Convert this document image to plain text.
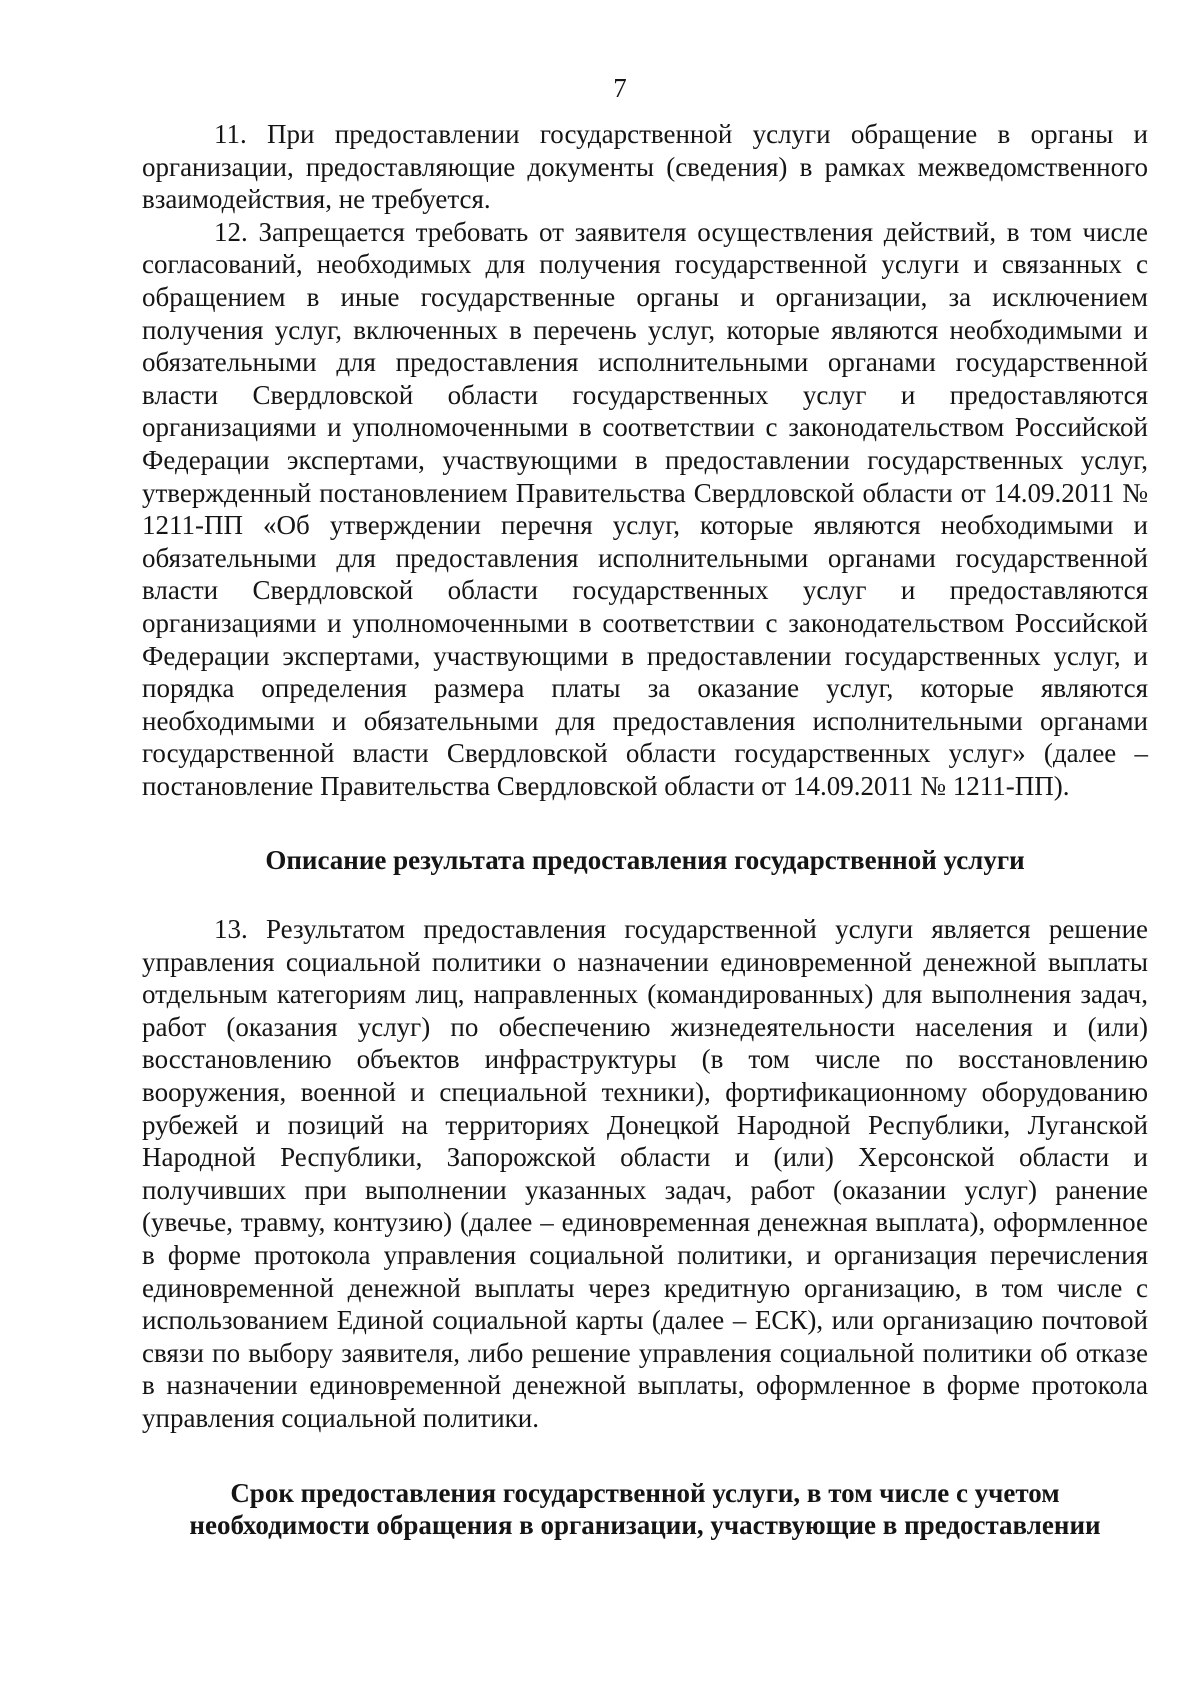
7

11. При предоставлении государственной услуги обращение в органы и организации, предоставляющие документы (сведения) в рамках межведомственного взаимодействия, не требуется.

12. Запрещается требовать от заявителя осуществления действий, в том числе согласований, необходимых для получения государственной услуги и связанных с обращением в иные государственные органы и организации, за исключением получения услуг, включенных в перечень услуг, которые являются необходимыми и обязательными для предоставления исполнительными органами государственной власти Свердловской области государственных услуг и предоставляются организациями и уполномоченными в соответствии с законодательством Российской Федерации экспертами, участвующими в предоставлении государственных услуг, утвержденный постановлением Правительства Свердловской области от 14.09.2011 № 1211-ПП «Об утверждении перечня услуг, которые являются необходимыми и обязательными для предоставления исполнительными органами государственной власти Свердловской области государственных услуг и предоставляются организациями и уполномоченными в соответствии с законодательством Российской Федерации экспертами, участвующими в предоставлении государственных услуг, и порядка определения размера платы за оказание услуг, которые являются необходимыми и обязательными для предоставления исполнительными органами государственной власти Свердловской области государственных услуг» (далее – постановление Правительства Свердловской области от 14.09.2011 № 1211-ПП).

Описание результата предоставления государственной услуги

13. Результатом предоставления государственной услуги является решение управления социальной политики о назначении единовременной денежной выплаты отдельным категориям лиц, направленных (командированных) для выполнения задач, работ (оказания услуг) по обеспечению жизнедеятельности населения и (или) восстановлению объектов инфраструктуры (в том числе по восстановлению вооружения, военной и специальной техники), фортификационному оборудованию рубежей и позиций на территориях Донецкой Народной Республики, Луганской Народной Республики, Запорожской области и (или) Херсонской области и получивших при выполнении указанных задач, работ (оказании услуг) ранение (увечье, травму, контузию) (далее – единовременная денежная выплата), оформленное в форме протокола управления социальной политики, и организация перечисления единовременной денежной выплаты через кредитную организацию, в том числе с использованием Единой социальной карты (далее – ЕСК), или организацию почтовой связи по выбору заявителя, либо решение управления социальной политики об отказе в назначении единовременной денежной выплаты, оформленное в форме протокола управления социальной политики.

Срок предоставления государственной услуги, в том числе с учетом необходимости обращения в организации, участвующие в предоставлении
